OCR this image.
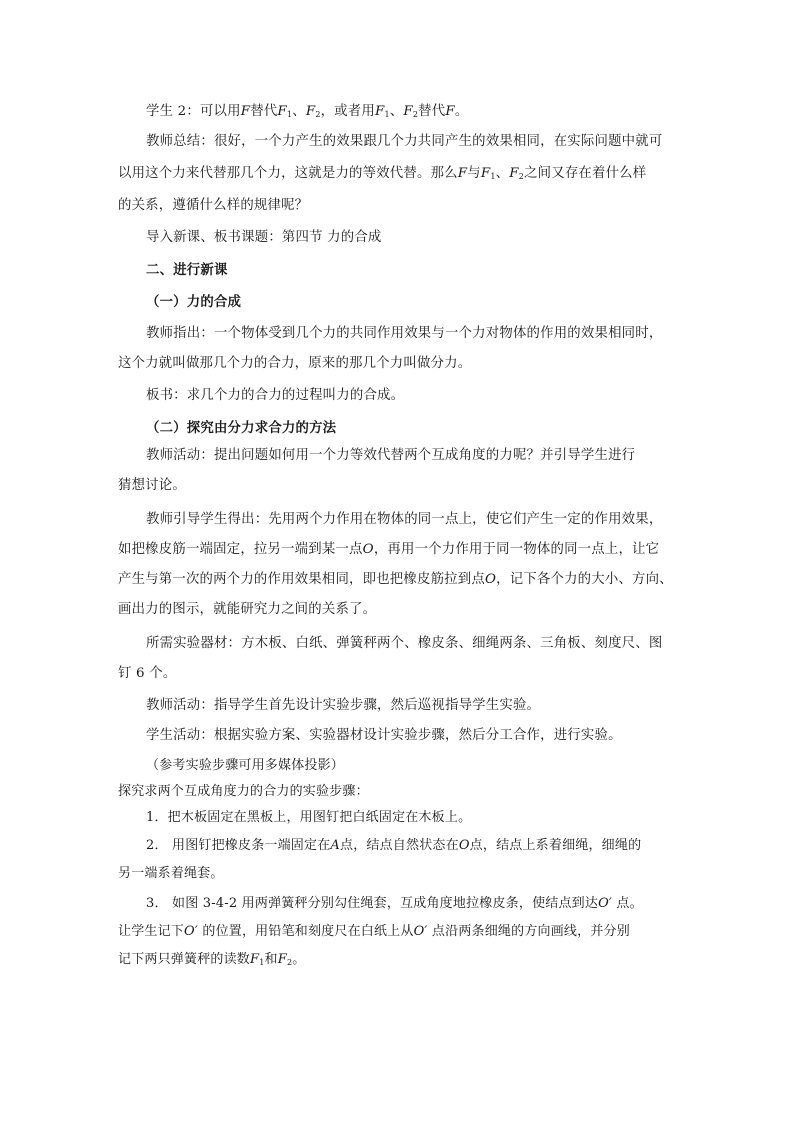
学生 2：可以用F替代$F_1$、$F_2$，或者用$F_1$、$F_2$替代F。
教师总结：很好，一个力产生的效果跟几个力共同产生的效果相同，在实际问题中就可
以用这个力来代替那几个力，这就是力的等效代替。那么F与$F_1$、$F_2$之间又存在着什么样
的关系，遵循什么样的规律呢？
导入新课、板书课题：第四节 力的合成
二、进行新课
（一）力的合成
教师指出：一个物体受到几个力的共同作用效果与一个力对物体的作用的效果相同时，
这个力就叫做那几个力的合力，原来的那几个力叫做分力。
板书：求几个力的合力的过程叫力的合成。
（二）探究由分力求合力的方法
教师活动：提出问题如何用一个力等效代替两个互成角度的力呢？并引导学生进行
猜想讨论。
教师引导学生得出：先用两个力作用在物体的同一点上，使它们产生一定的作用效果，
如把橡皮筋一端固定，拉另一端到某一点O，再用一个力作用于同一物体的同一点上，让它
产生与第一次的两个力的作用效果相同，即也把橡皮筋拉到点O，记下各个力的大小、方向、
画出力的图示，就能研究力之间的关系了。
所需实验器材：方木板、白纸、弹簧秤两个、橡皮条、细绳两条、三角板、刻度尺、图
钉 6 个。
教师活动：指导学生首先设计实验步骤，然后巡视指导学生实验。
学生活动：根据实验方案、实验器材设计实验步骤，然后分工合作，进行实验。
（参考实验步骤可用多媒体投影）
探究求两个互成角度力的合力的实验步骤：
1．把木板固定在黑板上，用图钉把白纸固定在木板上。
2． 用图钉把橡皮条一端固定在A点，结点自然状态在O点，结点上系着细绳，细绳的
另一端系着绳套。
3． 如图 3-4-2 用两弹簧秤分别勾住绳套，互成角度地拉橡皮条，使结点到达O′ 点。
让学生记下O′ 的位置，用铅笔和刻度尺在白纸上从O′ 点沿两条细绳的方向画线，并分别
记下两只弹簧秤的读数$F_1$和$F_2$。
